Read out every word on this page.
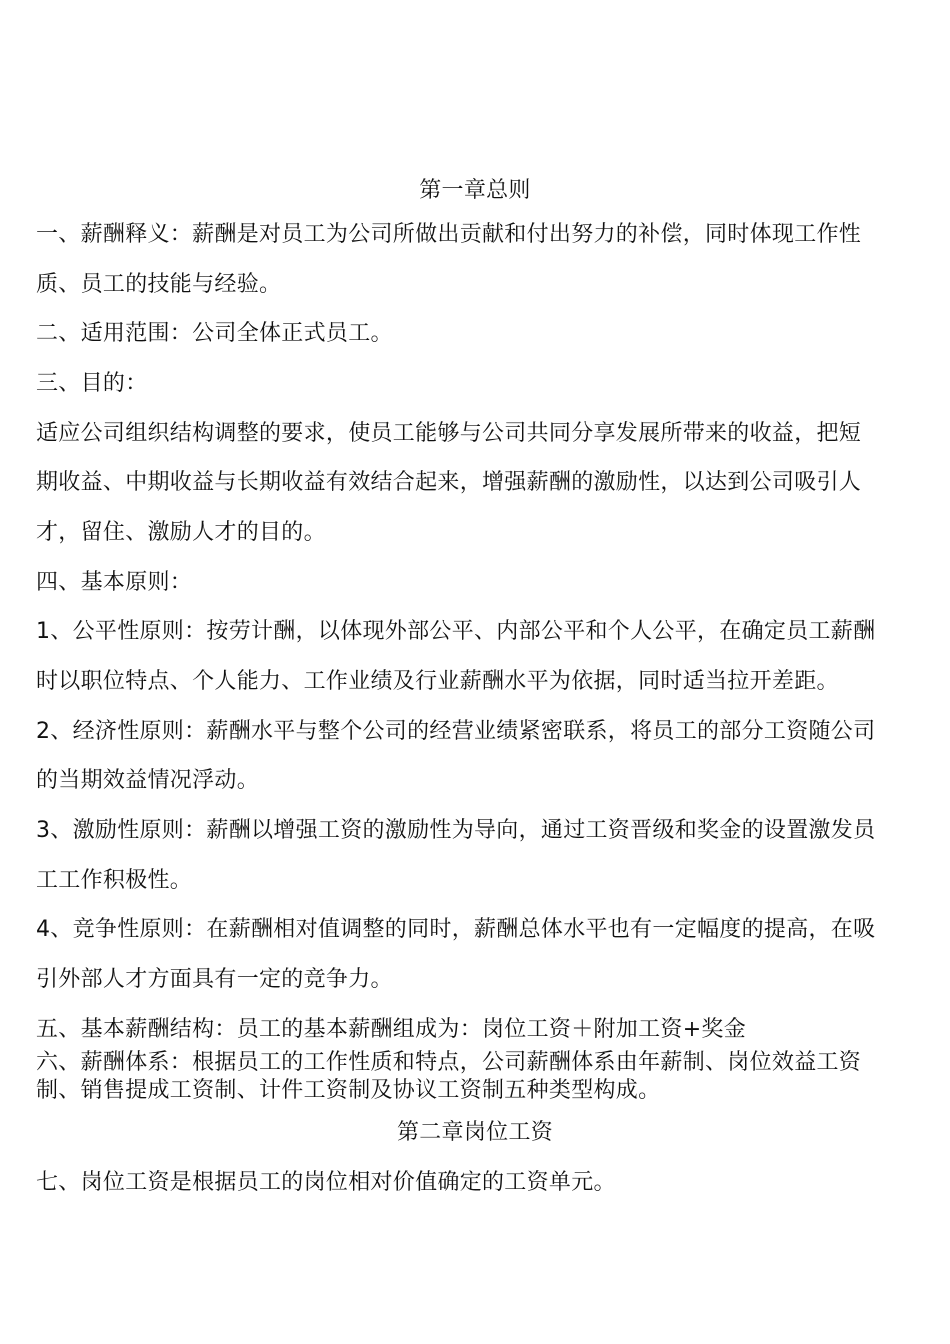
第一章总则
一、薪酬释义：薪酬是对员工为公司所做出贡献和付出努力的补偿，同时体现工作性
质、员工的技能与经验。
二、适用范围：公司全体正式员工。
三、目的：
适应公司组织结构调整的要求，使员工能够与公司共同分享发展所带来的收益，把短
期收益、中期收益与长期收益有效结合起来，增强薪酬的激励性，以达到公司吸引人
才，留住、激励人才的目的。
四、基本原则：
1、公平性原则：按劳计酬，以体现外部公平、内部公平和个人公平，在确定员工薪酬
时以职位特点、个人能力、工作业绩及行业薪酬水平为依据，同时适当拉开差距。
2、经济性原则：薪酬水平与整个公司的经营业绩紧密联系，将员工的部分工资随公司
的当期效益情况浮动。
3、激励性原则：薪酬以增强工资的激励性为导向，通过工资晋级和奖金的设置激发员
工工作积极性。
4、竞争性原则：在薪酬相对值调整的同时，薪酬总体水平也有一定幅度的提高，在吸
引外部人才方面具有一定的竞争力。
五、基本薪酬结构：员工的基本薪酬组成为：岗位工资＋附加工资+奖金
六、薪酬体系：根据员工的工作性质和特点，公司薪酬体系由年薪制、岗位效益工资
制、销售提成工资制、计件工资制及协议工资制五种类型构成。
第二章岗位工资
七、岗位工资是根据员工的岗位相对价值确定的工资单元。
